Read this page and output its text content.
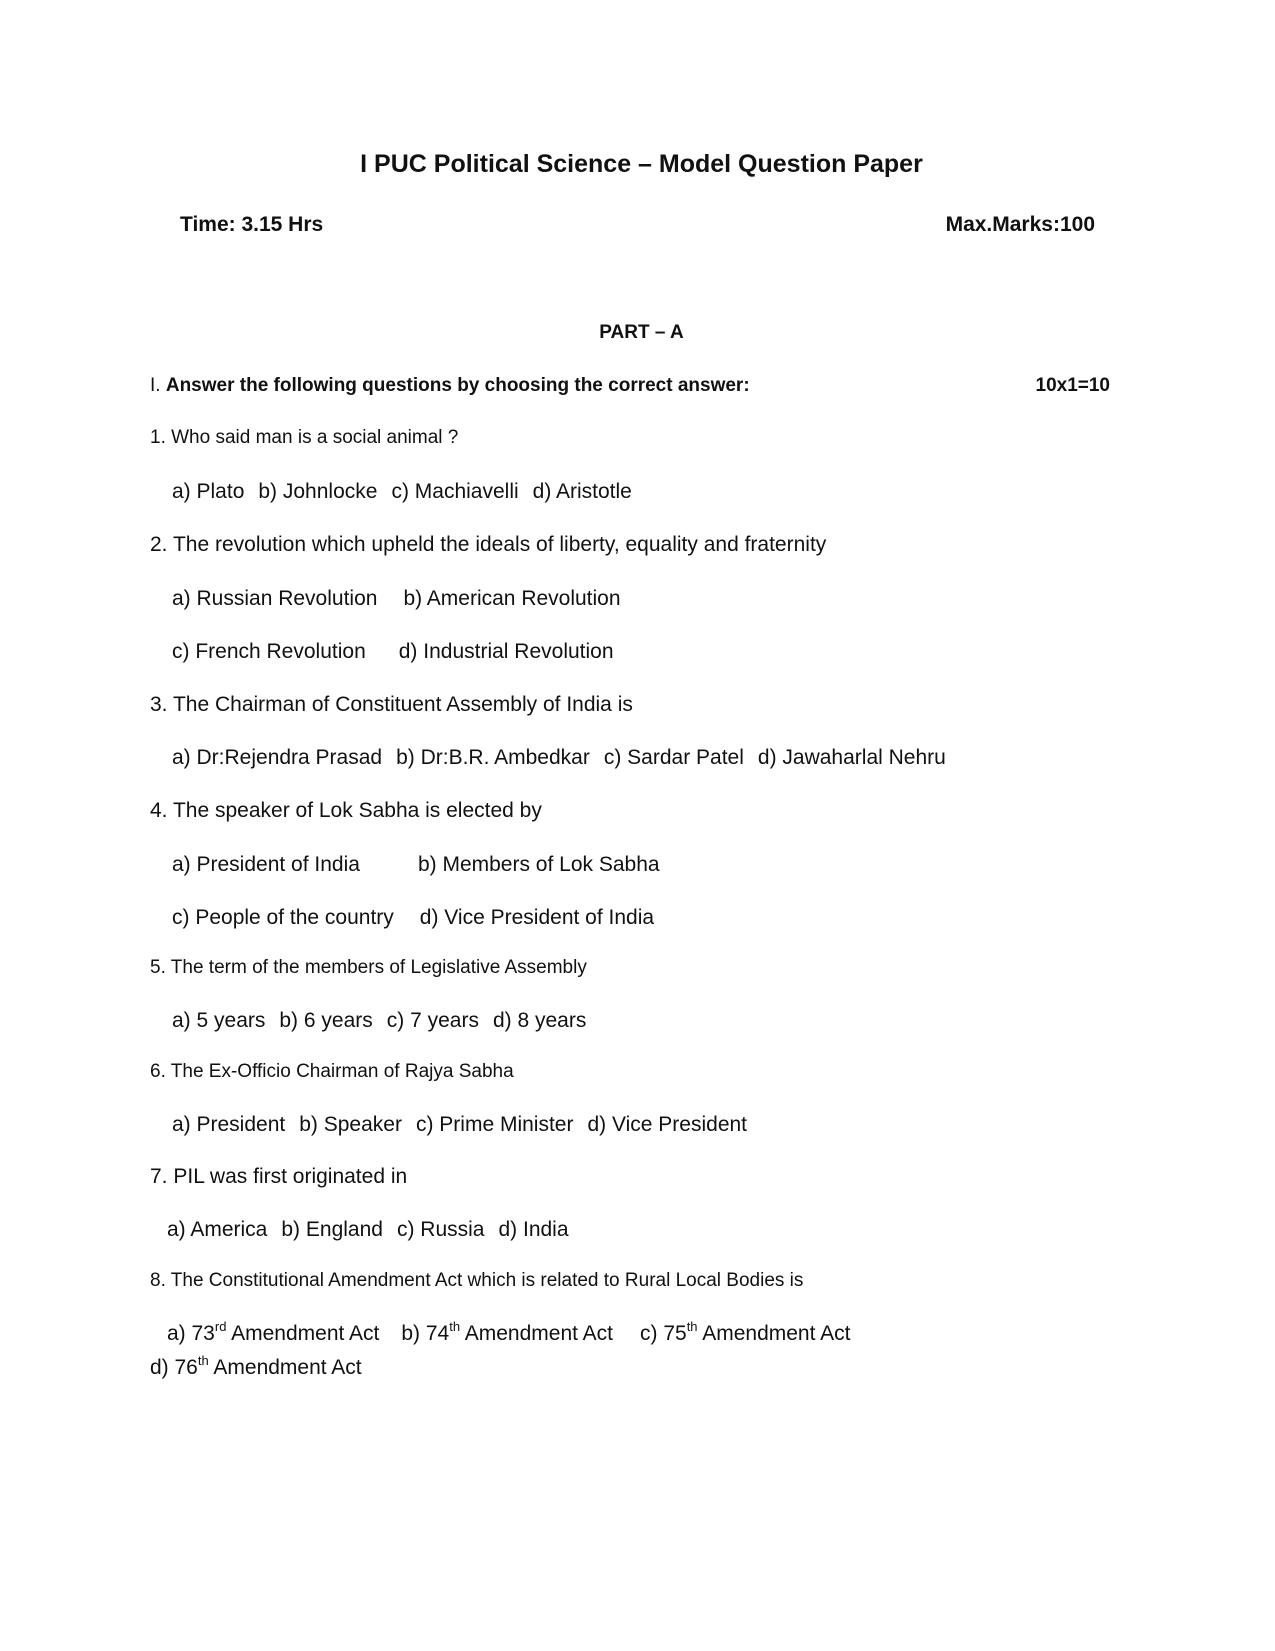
I PUC Political Science – Model Question Paper
Time: 3.15 Hrs	Max.Marks:100
PART – A
I. Answer the following questions by choosing the correct answer:	10x1=10
1. Who said man is a social animal ?
a) Plato b) Johnlocke c) Machiavelli d) Aristotle
2. The revolution which upheld the ideals of liberty, equality and fraternity
a) Russian Revolution b) American Revolution
c) French Revolution d) Industrial Revolution
3. The Chairman of Constituent Assembly of India is
a) Dr:Rejendra Prasad b) Dr:B.R. Ambedkar c) Sardar Patel d) Jawaharlal Nehru
4. The speaker of Lok Sabha is elected by
a) President of India	b) Members of Lok Sabha
c) People of the country d) Vice President of India
5. The term of the members of Legislative Assembly
a) 5 years b) 6 years c) 7 years d) 8 years
6. The Ex-Officio Chairman of Rajya Sabha
a) President b) Speaker c) Prime Minister d) Vice President
7. PIL was first originated in
a) America b) England c) Russia d) India
8. The Constitutional Amendment Act which is related to Rural Local Bodies is
a) 73rd Amendment Act b) 74th Amendment Act c) 75th Amendment Act
d) 76th Amendment Act
